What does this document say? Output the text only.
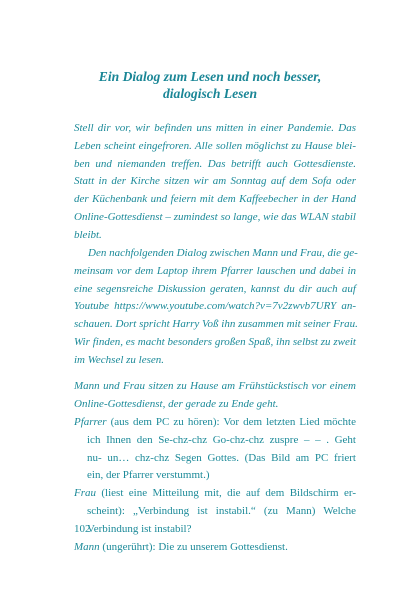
Ein Dialog zum Lesen und noch besser,
dialogisch Lesen
Stell dir vor, wir befinden uns mitten in einer Pandemie. Das
Leben scheint eingefroren. Alle sollen möglichst zu Hause blei-
ben und niemanden treffen. Das betrifft auch Gottesdienste.
Statt in der Kirche sitzen wir am Sonntag auf dem Sofa oder
der Küchenbank und feiern mit dem Kaffeebecher in der Hand
Online-Gottesdienst – zumindest so lange, wie das WLAN stabil
bleibt.
Den nachfolgenden Dialog zwischen Mann und Frau, die ge-
meinsam vor dem Laptop ihrem Pfarrer lauschen und dabei in
eine segensreiche Diskussion geraten, kannst du dir auch auf
Youtube https://www.youtube.com/watch?v=7v2zwvb7URY an-
schauen. Dort spricht Harry Voß ihn zusammen mit seiner Frau.
Wir finden, es macht besonders großen Spaß, ihn selbst zu zweit
im Wechsel zu lesen.
Mann und Frau sitzen zu Hause am Frühstückstisch vor einem
Online-Gottesdienst, der gerade zu Ende geht.
Pfarrer (aus dem PC zu hören): Vor dem letzten Lied möchte
ich Ihnen den Se-chz-chz Go-chz-chz zuspre – – . Geht
nu- un… chz-chz Segen Gottes. (Das Bild am PC friert
ein, der Pfarrer verstummt.)
Frau (liest eine Mitteilung mit, die auf dem Bildschirm er-
scheint): „Verbindung ist instabil.“ (zu Mann) Welche
Verbindung ist instabil?
Mann (ungerührt): Die zu unserem Gottesdienst.
102
